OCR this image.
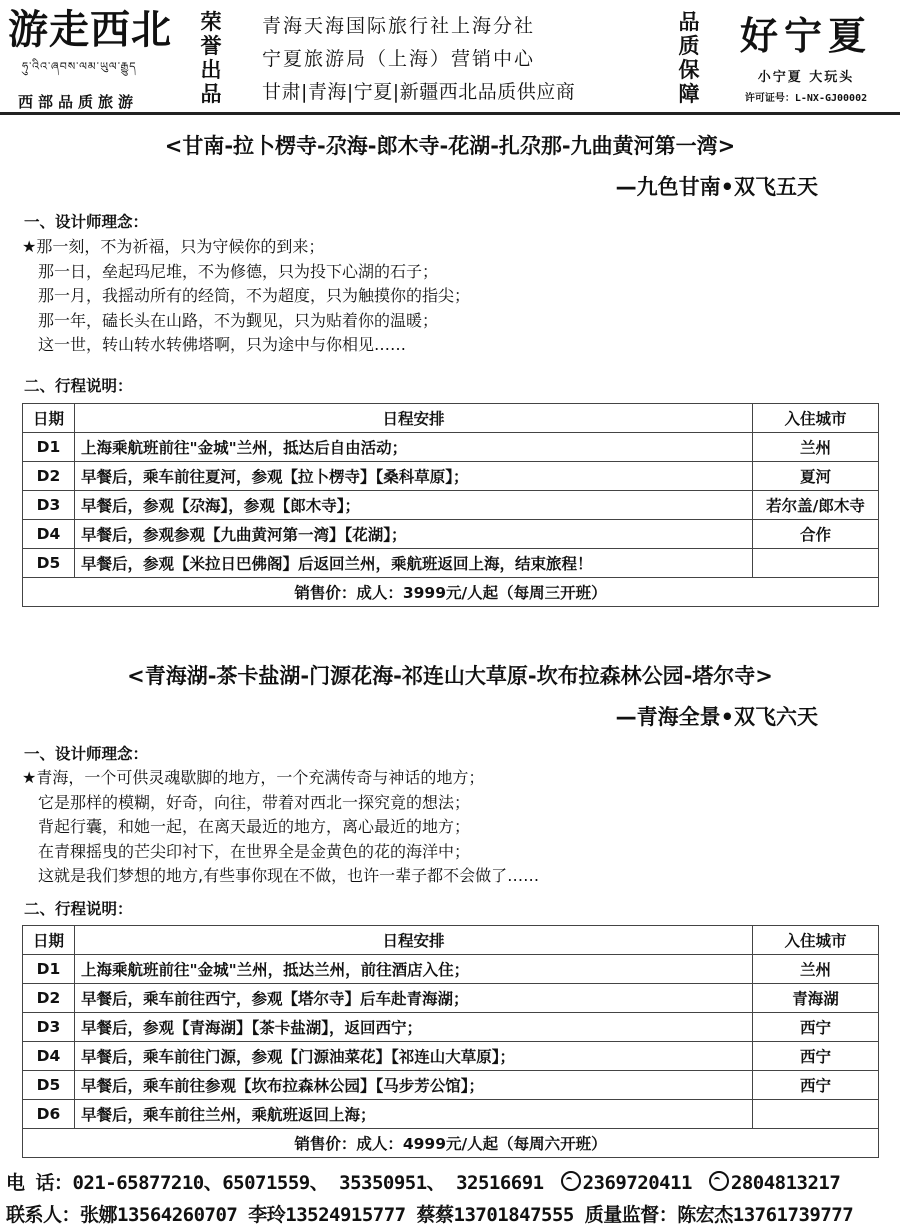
游走西北
ཧུ་འིའ་ཞབས་ལམ་ཡུལ་རྒྱུད
西部品质旅游
荣
誉
出
品
青海天海国际旅行社上海分社
宁夏旅游局（上海）营销中心
甘肃|青海|宁夏|新疆西北品质供应商
品
质
保
障
好宁夏
小宁夏 大玩头
许可证号：L-NX-GJ00002
<甘南-拉卜楞寺-尕海-郎木寺-花湖-扎尕那-九曲黄河第一湾>
—九色甘南•双飞五天
一、设计师理念：
★那一刻，不为祈福，只为守候你的到来；
那一日，垒起玛尼堆，不为修德，只为投下心湖的石子；
那一月，我摇动所有的经筒，不为超度，只为触摸你的指尖；
那一年，磕长头在山路，不为觐见，只为贴着你的温暖；
这一世，转山转水转佛塔啊，只为途中与你相见……
二、行程说明：
日期	日程安排	入住城市
D1	上海乘航班前往"金城"兰州，抵达后自由活动；	兰州
D2	早餐后，乘车前往夏河，参观【拉卜楞寺】【桑科草原】；	夏河
D3	早餐后，参观【尕海】，参观【郎木寺】；	若尔盖/郎木寺
D4	早餐后，参观参观【九曲黄河第一湾】【花湖】；	合作
D5	早餐后，参观【米拉日巴佛阁】后返回兰州，乘航班返回上海，结束旅程！	
销售价：成人：3999元/人起（每周三开班）		
<青海湖-茶卡盐湖-门源花海-祁连山大草原-坎布拉森林公园-塔尔寺>
—青海全景•双飞六天
一、设计师理念：
★青海，一个可供灵魂歇脚的地方，一个充满传奇与神话的地方；
它是那样的模糊，好奇，向往，带着对西北一探究竟的想法；
背起行囊，和她一起，在离天最近的地方，离心最近的地方；
在青稞摇曳的芒尖印衬下，在世界全是金黄色的花的海洋中；
这就是我们梦想的地方,有些事你现在不做，也许一辈子都不会做了……
二、行程说明：
日期	日程安排	入住城市
D1	上海乘航班前往"金城"兰州，抵达兰州，前往酒店入住；	兰州
D2	早餐后，乘车前往西宁，参观【塔尔寺】后车赴青海湖；	青海湖
D3	早餐后，参观【青海湖】【茶卡盐湖】，返回西宁；	西宁
D4	早餐后，乘车前往门源，参观【门源油菜花】【祁连山大草原】；	西宁
D5	早餐后，乘车前往参观【坎布拉森林公园】【马步芳公馆】；	西宁
D6	早餐后，乘车前往兰州，乘航班返回上海；	
销售价：成人：4999元/人起（每周六开班）		
电 话：021-65877210、65071559、 35350951、 32516691 2369720411 2804813217
联系人：张娜13564260707 李玲13524915777 蔡蔡13701847555 质量监督：陈宏杰13761739777
